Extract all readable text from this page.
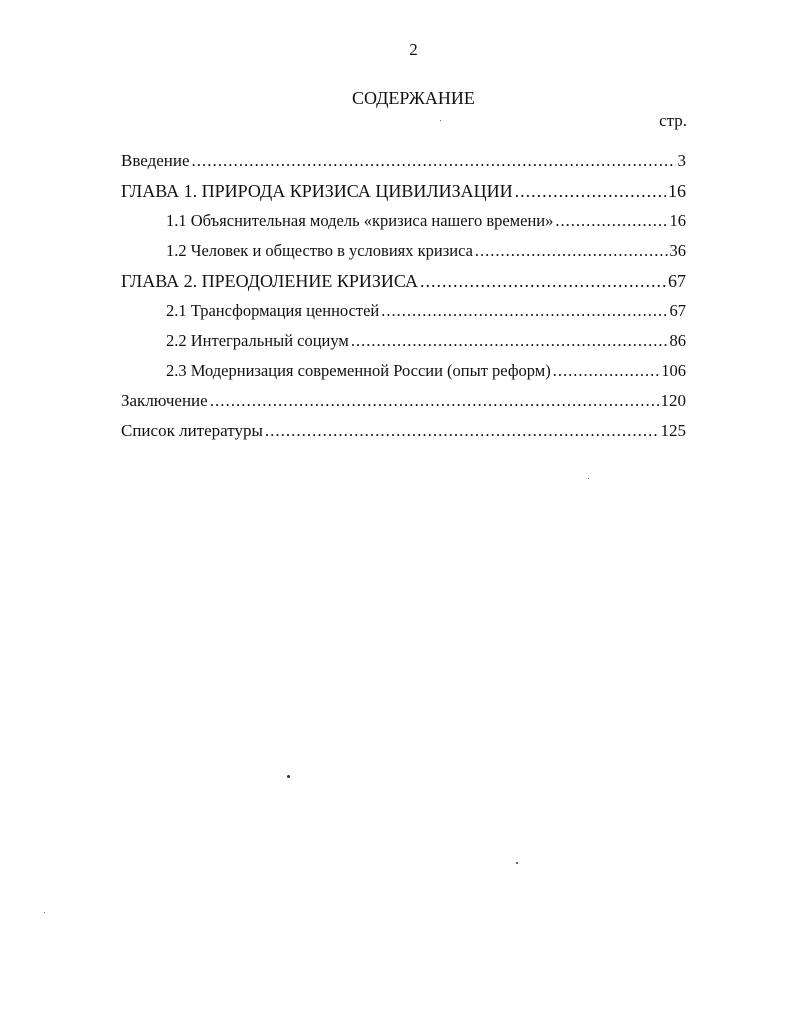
2
СОДЕРЖАНИЕ
стр.
Введение .....	3
ГЛАВА 1. ПРИРОДА КРИЗИСА ЦИВИЛИЗАЦИИ .....	16
1.1 Объяснительная модель «кризиса нашего времени» .....	16
1.2 Человек и общество в условиях кризиса .....	36
ГЛАВА 2. ПРЕОДОЛЕНИЕ КРИЗИСА .....	67
2.1 Трансформация ценностей .....	67
2.2 Интегральный социум .....	86
2.3 Модернизация современной России (опыт реформ) .....	106
Заключение .....	120
Список литературы .....	125
